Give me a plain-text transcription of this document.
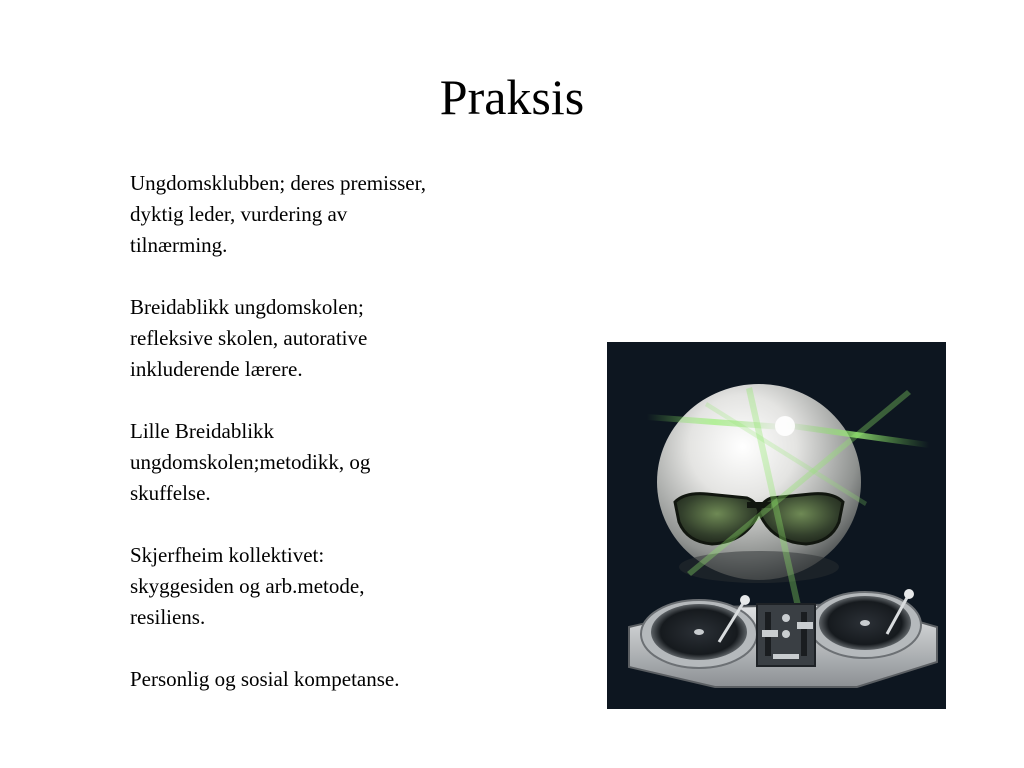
Praksis

Ungdomsklubben; deres premisser,
dyktig leder, vurdering av
tilnærming.

Breidablikk ungdomskolen;
refleksive skolen, autorative
inkluderende lærere.

Lille Breidablikk
ungdomskolen;metodikk, og
skuffelse.

Skjerfheim kollektivet:
skyggesiden og arb.metode,
resiliens.

Personlig og sosial kompetanse.
